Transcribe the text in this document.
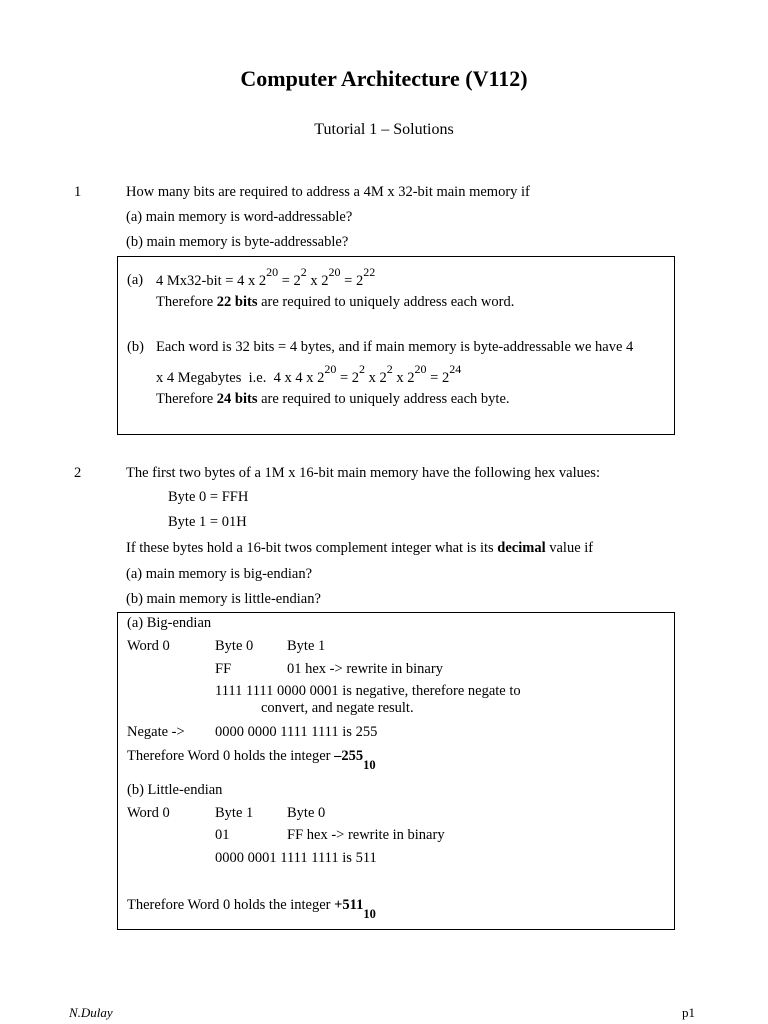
Computer Architecture (V112)
Tutorial 1 – Solutions
1	How many bits are required to address a 4M x 32-bit main memory if
(a) main memory is word-addressable?
(b) main memory is byte-addressable?
(a) 4 Mx32-bit = 4 x $2^{20} = 2^2$ x $2^{20} = 2^{22}$
Therefore 22 bits are required to uniquely address each word.
(b) Each word is 32 bits = 4 bytes, and if main memory is byte-addressable we have 4
x 4 Megabytes  i.e.  4 x 4 x $2^{20} = 2^2$ x $2^2$ x $2^{20} = 2^{24}$
Therefore 24 bits are required to uniquely address each byte.
2	The first two bytes of a 1M x 16-bit main memory have the following hex values:
Byte 0 = FFH
Byte 1 = 01H
If these bytes hold a 16-bit twos complement integer what is its decimal value if
(a) main memory is big-endian?
(b) main memory is little-endian?
(a) Big-endian
Word 0	Byte 0 Byte 1
FF	01 hex -> rewrite in binary
1111 1111 0000 0001 is negative, therefore negate to
convert, and negate result.
Negate -> 0000 0000 1111 1111 is 255
Therefore Word 0 holds the integer –25510
(b) Little-endian
Word 0	Byte 1 Byte 0
01	FF hex -> rewrite in binary
0000 0001 1111 1111 is 511
Therefore Word 0 holds the integer +51110
N.Dulay	p1
